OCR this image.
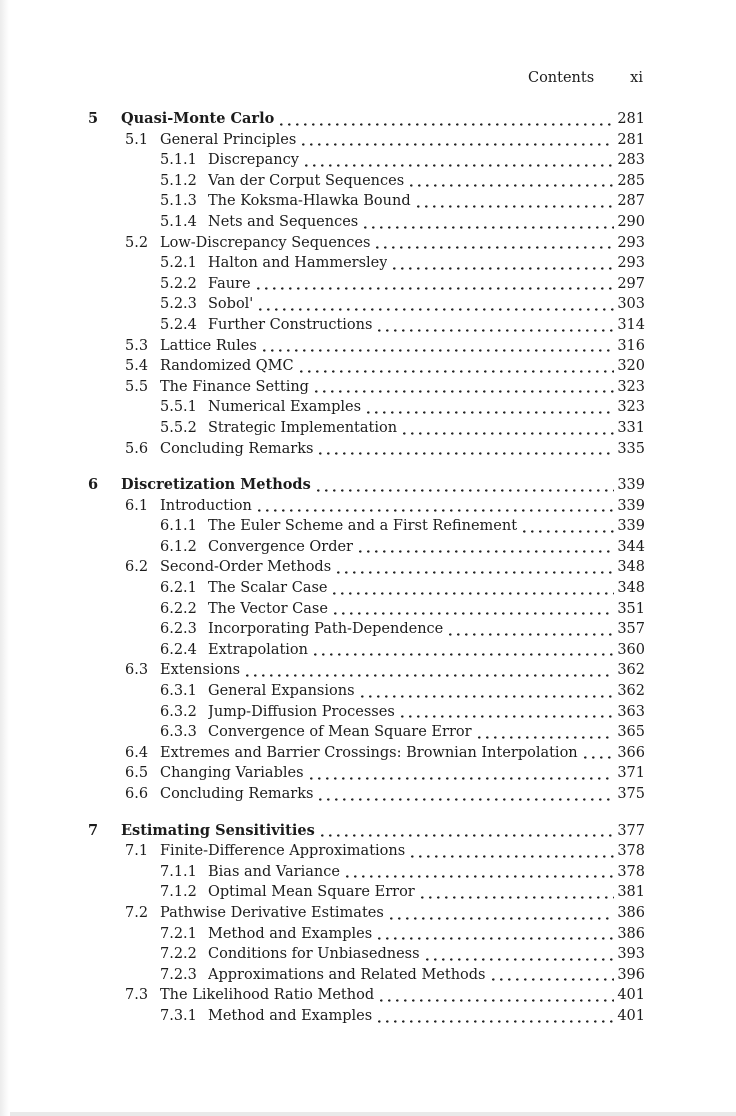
Contents xi
5	Quasi-Monte Carlo	281
5.1 General Principles	281
5.1.1 Discrepancy	283
5.1.2 Van der Corput Sequences	285
5.1.3 The Koksma-Hlawka Bound	287
5.1.4 Nets and Sequences	290
5.2 Low-Discrepancy Sequences	293
5.2.1 Halton and Hammersley	293
5.2.2 Faure	297
5.2.3 Sobol'	303
5.2.4 Further Constructions	314
5.3 Lattice Rules	316
5.4 Randomized QMC	320
5.5 The Finance Setting	323
5.5.1 Numerical Examples	323
5.5.2 Strategic Implementation	331
5.6 Concluding Remarks	335
6	Discretization Methods	339
6.1 Introduction	339
6.1.1 The Euler Scheme and a First Refinement	339
6.1.2 Convergence Order	344
6.2 Second-Order Methods	348
6.2.1 The Scalar Case	348
6.2.2 The Vector Case	351
6.2.3 Incorporating Path-Dependence	357
6.2.4 Extrapolation	360
6.3 Extensions	362
6.3.1 General Expansions	362
6.3.2 Jump-Diffusion Processes	363
6.3.3 Convergence of Mean Square Error	365
6.4 Extremes and Barrier Crossings: Brownian Interpolation	366
6.5 Changing Variables	371
6.6 Concluding Remarks	375
7	Estimating Sensitivities	377
7.1 Finite-Difference Approximations	378
7.1.1 Bias and Variance	378
7.1.2 Optimal Mean Square Error	381
7.2 Pathwise Derivative Estimates	386
7.2.1 Method and Examples	386
7.2.2 Conditions for Unbiasedness	393
7.2.3 Approximations and Related Methods	396
7.3 The Likelihood Ratio Method	401
7.3.1 Method and Examples	401
